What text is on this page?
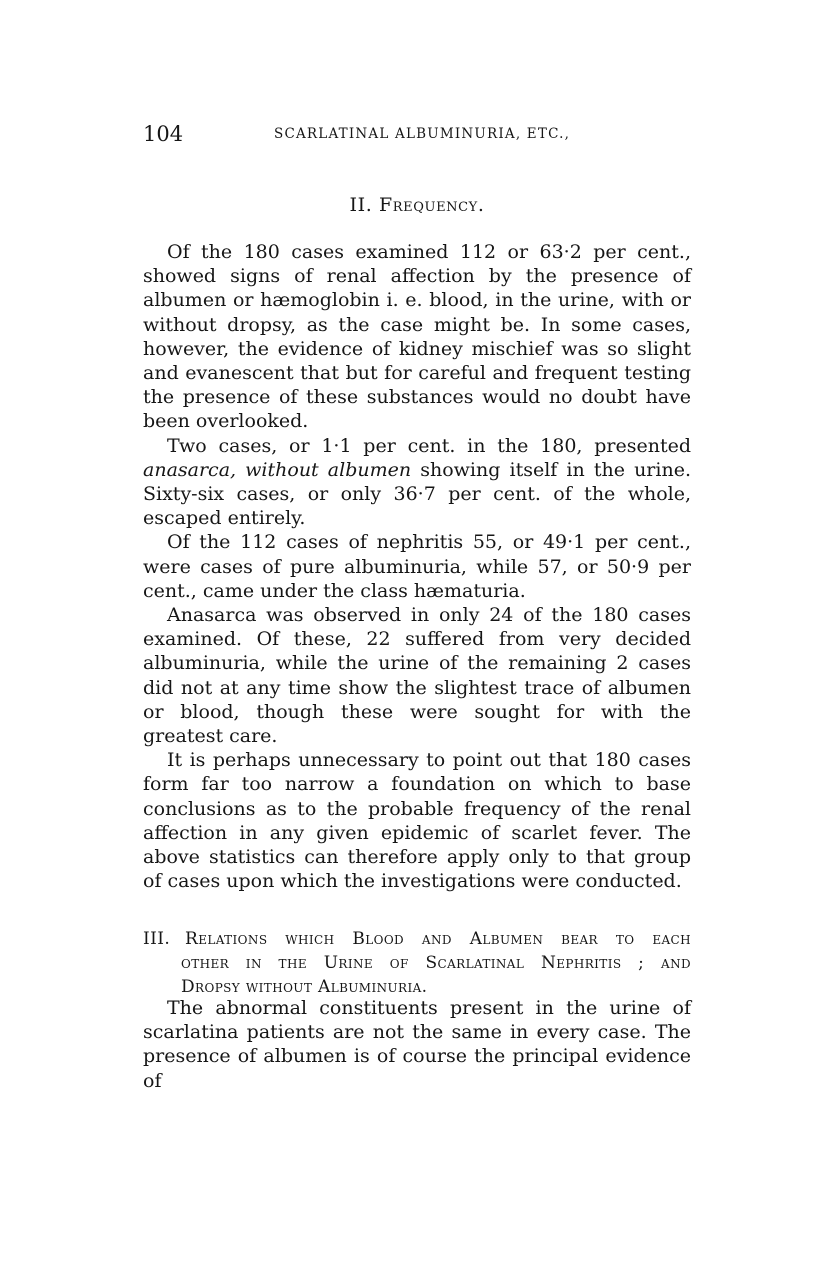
104	SCARLATINAL ALBUMINURIA, ETC.,
II. Frequency.

Of the 180 cases examined 112 or 63·2 per cent., showed signs of renal affection by the presence of albumen or hæmoglobin i. e. blood, in the urine, with or without dropsy, as the case might be. In some cases, however, the evidence of kidney mischief was so slight and evanescent that but for careful and frequent testing the presence of these substances would no doubt have been overlooked.

Two cases, or 1·1 per cent. in the 180, presented anasarca, without albumen showing itself in the urine. Sixty-six cases, or only 36·7 per cent. of the whole, escaped entirely.

Of the 112 cases of nephritis 55, or 49·1 per cent., were cases of pure albuminuria, while 57, or 50·9 per cent., came under the class hæmaturia.

Anasarca was observed in only 24 of the 180 cases examined. Of these, 22 suffered from very decided albuminuria, while the urine of the remaining 2 cases did not at any time show the slightest trace of albumen or blood, though these were sought for with the greatest care.

It is perhaps unnecessary to point out that 180 cases form far too narrow a foundation on which to base conclusions as to the probable frequency of the renal affection in any given epidemic of scarlet fever. The above statistics can therefore apply only to that group of cases upon which the investigations were conducted.

III. Relations which Blood and Albumen bear to each
other in the Urine of Scarlatinal Nephritis ; and
Dropsy without Albuminuria.

The abnormal constituents present in the urine of scarlatina patients are not the same in every case. The presence of albumen is of course the principal evidence of
